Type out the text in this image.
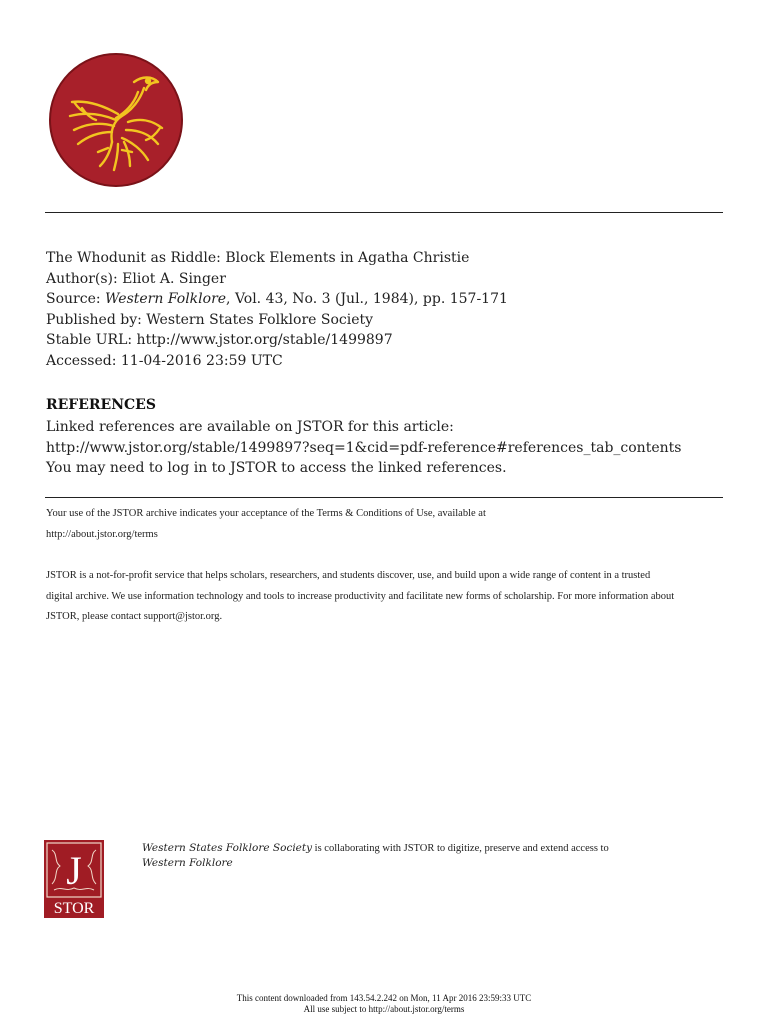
The Whodunit as Riddle: Block Elements in Agatha Christie
Author(s): Eliot A. Singer
Source: Western Folklore, Vol. 43, No. 3 (Jul., 1984), pp. 157-171
Published by: Western States Folklore Society
Stable URL: http://www.jstor.org/stable/1499897
Accessed: 11-04-2016 23:59 UTC
REFERENCES
Linked references are available on JSTOR for this article:
http://www.jstor.org/stable/1499897?seq=1&cid=pdf-reference#references_tab_contents
You may need to log in to JSTOR to access the linked references.
Your use of the JSTOR archive indicates your acceptance of the Terms & Conditions of Use, available at
http://about.jstor.org/terms
JSTOR is a not-for-profit service that helps scholars, researchers, and students discover, use, and build upon a wide range of content in a trusted
digital archive. We use information technology and tools to increase productivity and facilitate new forms of scholarship. For more information about
JSTOR, please contact support@jstor.org.
J
STOR
Western States Folklore Society is collaborating with JSTOR to digitize, preserve and extend access to
Western Folklore
This content downloaded from 143.54.2.242 on Mon, 11 Apr 2016 23:59:33 UTC
All use subject to http://about.jstor.org/terms
